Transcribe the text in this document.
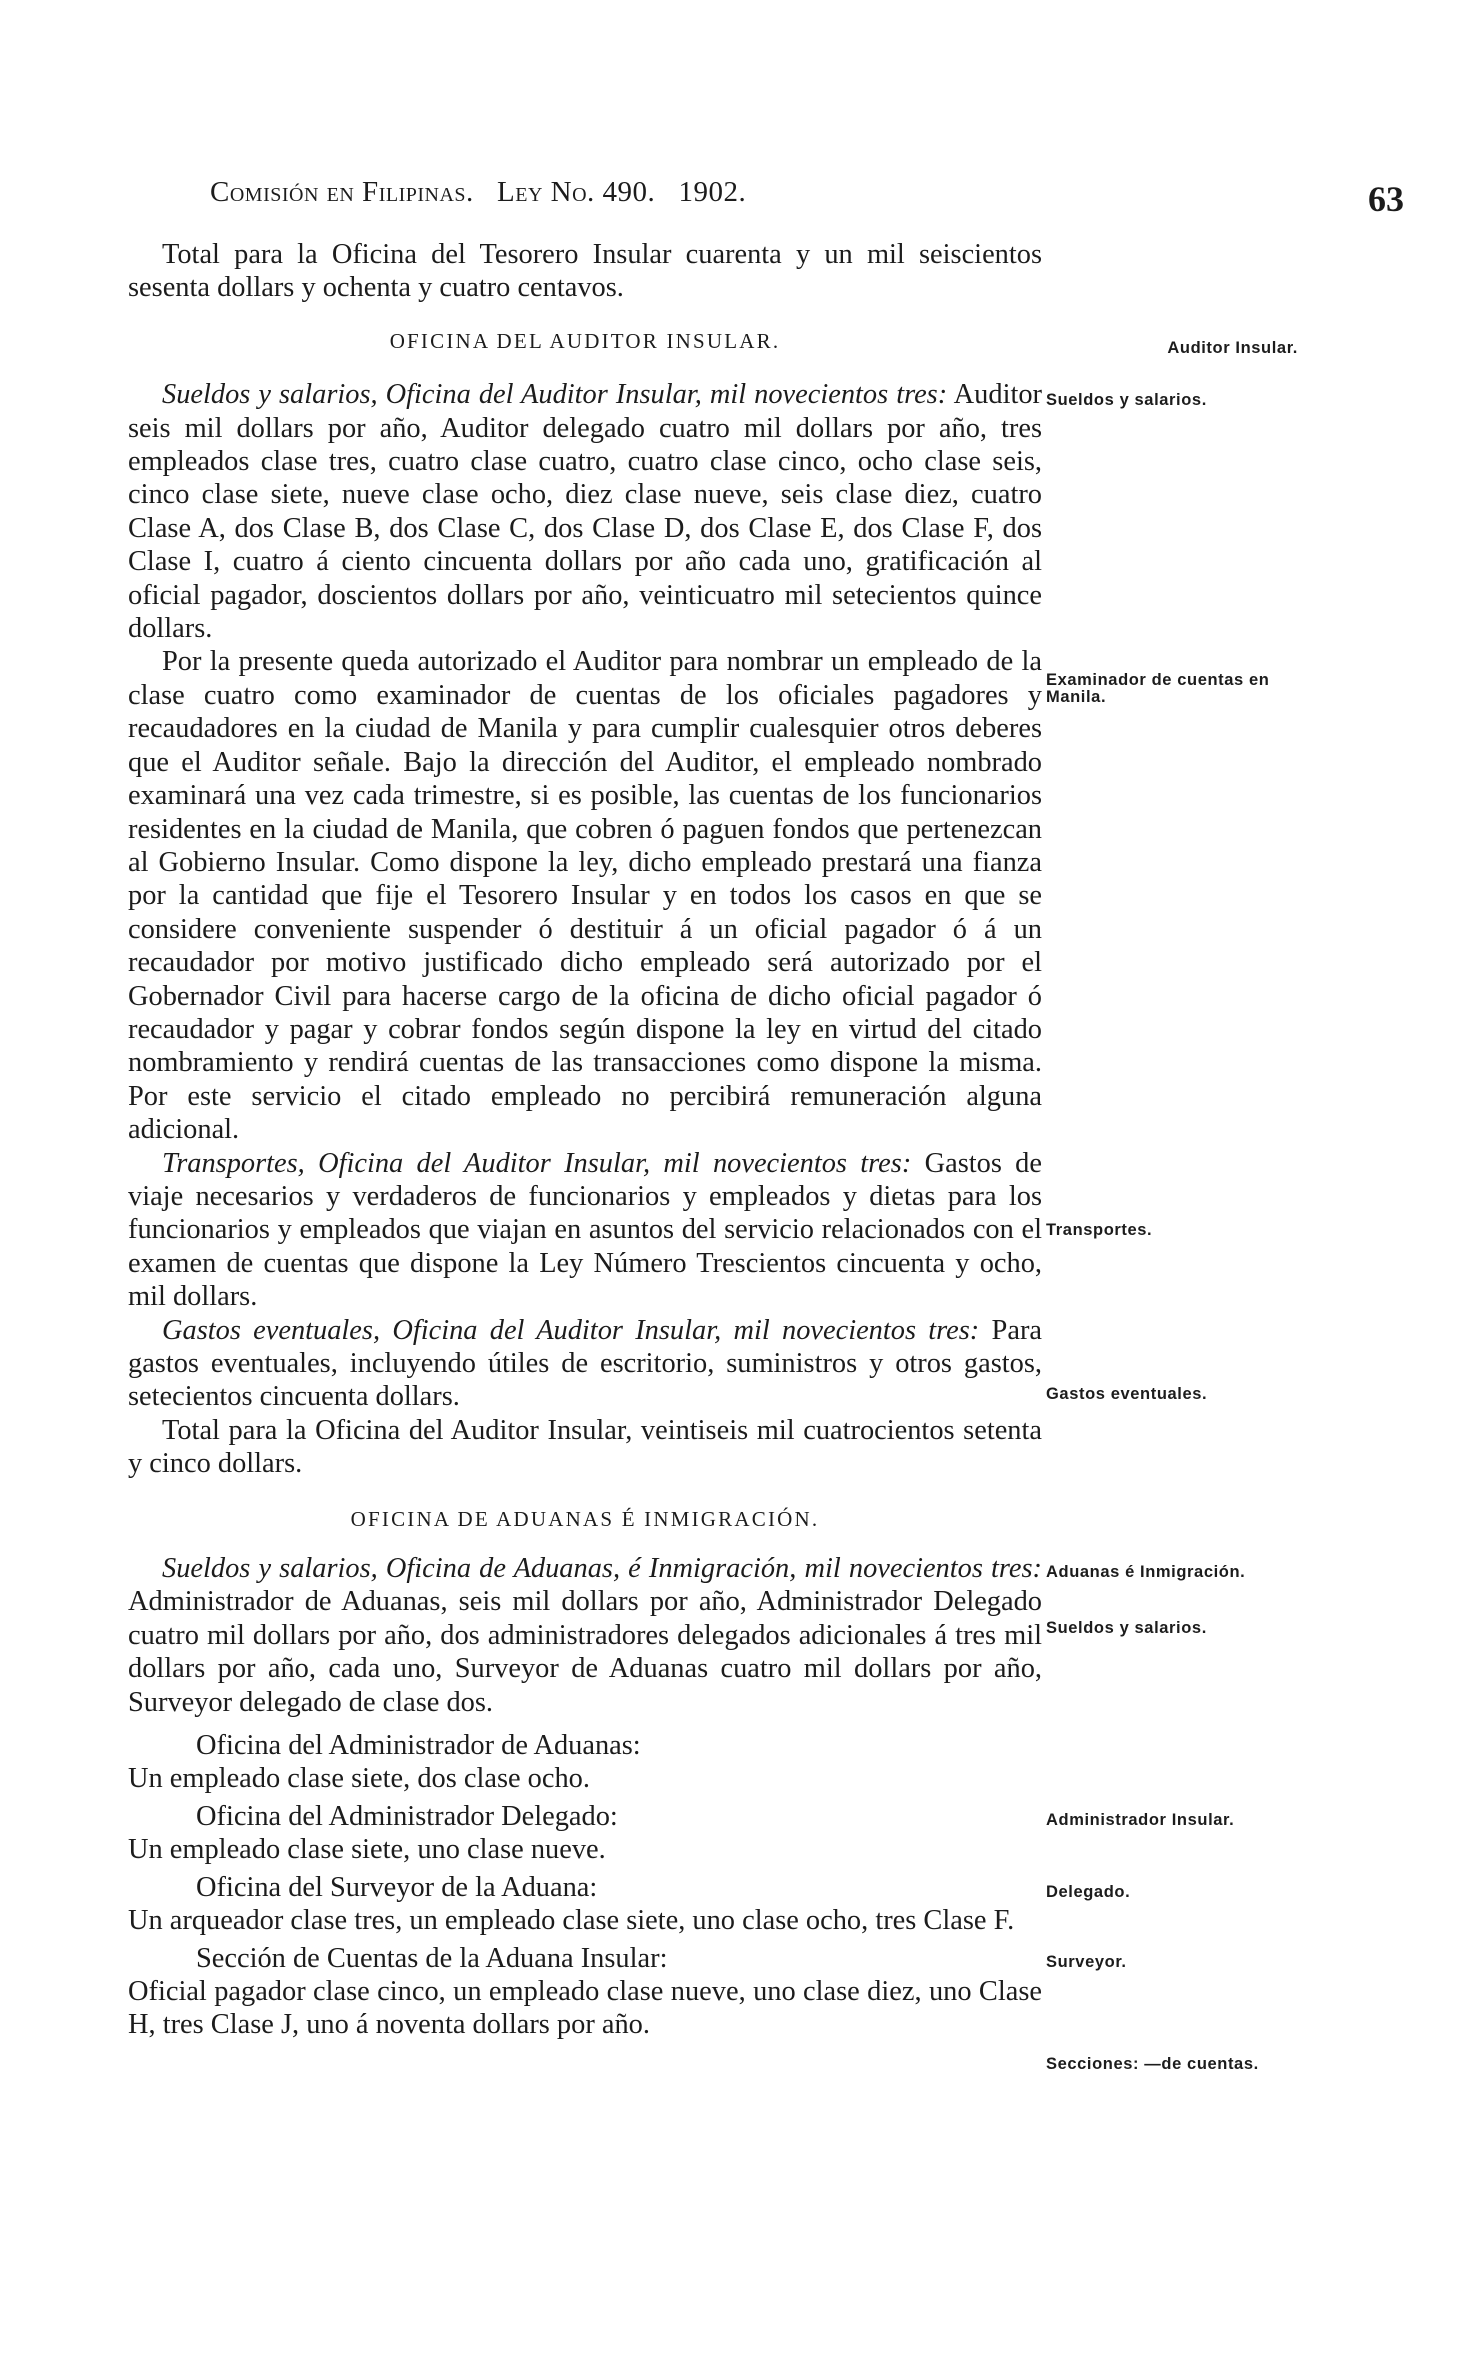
Comisión en Filipinas. Ley No. 490. 1902.	63

Total para la Oficina del Tesorero Insular cuarenta y un mil seiscientos sesenta dollars y ochenta y cuatro centavos.

OFICINA DEL AUDITOR INSULAR.

Sueldos y salarios, Oficina del Auditor Insular, mil novecientos tres: Auditor seis mil dollars por año, Auditor delegado cuatro mil dollars por año, tres empleados clase tres, cuatro clase cuatro, cuatro clase cinco, ocho clase seis, cinco clase siete, nueve clase ocho, diez clase nueve, seis clase diez, cuatro Clase A, dos Clase B, dos Clase C, dos Clase D, dos Clase E, dos Clase F, dos Clase I, cuatro á ciento cincuenta dollars por año cada uno, gratificación al oficial pagador, doscientos dollars por año, veinticuatro mil setecientos quince dollars.

Por la presente queda autorizado el Auditor para nombrar un empleado de la clase cuatro como examinador de cuentas de los oficiales pagadores y recaudadores en la ciudad de Manila y para cumplir cualesquier otros deberes que el Auditor señale. Bajo la dirección del Auditor, el empleado nombrado examinará una vez cada trimestre, si es posible, las cuentas de los funcionarios residentes en la ciudad de Manila, que cobren ó paguen fondos que pertenezcan al Gobierno Insular. Como dispone la ley, dicho empleado prestará una fianza por la cantidad que fije el Tesorero Insular y en todos los casos en que se considere conveniente suspender ó destituir á un oficial pagador ó á un recaudador por motivo justificado dicho empleado será autorizado por el Gobernador Civil para hacerse cargo de la oficina de dicho oficial pagador ó recaudador y pagar y cobrar fondos según dispone la ley en virtud del citado nombramiento y rendirá cuentas de las transacciones como dispone la misma. Por este servicio el citado empleado no percibirá remuneración alguna adicional.

Transportes, Oficina del Auditor Insular, mil novecientos tres: Gastos de viaje necesarios y verdaderos de funcionarios y empleados y dietas para los funcionarios y empleados que viajan en asuntos del servicio relacionados con el examen de cuentas que dispone la Ley Número Trescientos cincuenta y ocho, mil dollars.

Gastos eventuales, Oficina del Auditor Insular, mil novecientos tres: Para gastos eventuales, incluyendo útiles de escritorio, suministros y otros gastos, setecientos cincuenta dollars.

Total para la Oficina del Auditor Insular, veintiseis mil cuatrocientos setenta y cinco dollars.

OFICINA DE ADUANAS É INMIGRACIÓN.

Sueldos y salarios, Oficina de Aduanas, é Inmigración, mil novecientos tres: Administrador de Aduanas, seis mil dollars por año, Administrador Delegado cuatro mil dollars por año, dos administradores delegados adicionales á tres mil dollars por año, cada uno, Surveyor de Aduanas cuatro mil dollars por año, Surveyor delegado de clase dos.

Oficina del Administrador de Aduanas:

Un empleado clase siete, dos clase ocho.

Oficina del Administrador Delegado:

Un empleado clase siete, uno clase nueve.

Oficina del Surveyor de la Aduana:

Un arqueador clase tres, un empleado clase siete, uno clase ocho, tres Clase F.

Sección de Cuentas de la Aduana Insular:

Oficial pagador clase cinco, un empleado clase nueve, uno clase diez, uno Clase H, tres Clase J, uno á noventa dollars por año.

Auditor Insular.
Sueldos y salarios.
Examinador de cuentas en Manila.
Transportes.
Gastos eventuales.
Aduanas é Inmigración.
Sueldos y salarios.
Administrador Insular.
Delegado.
Surveyor.
Secciones: —de cuentas.
